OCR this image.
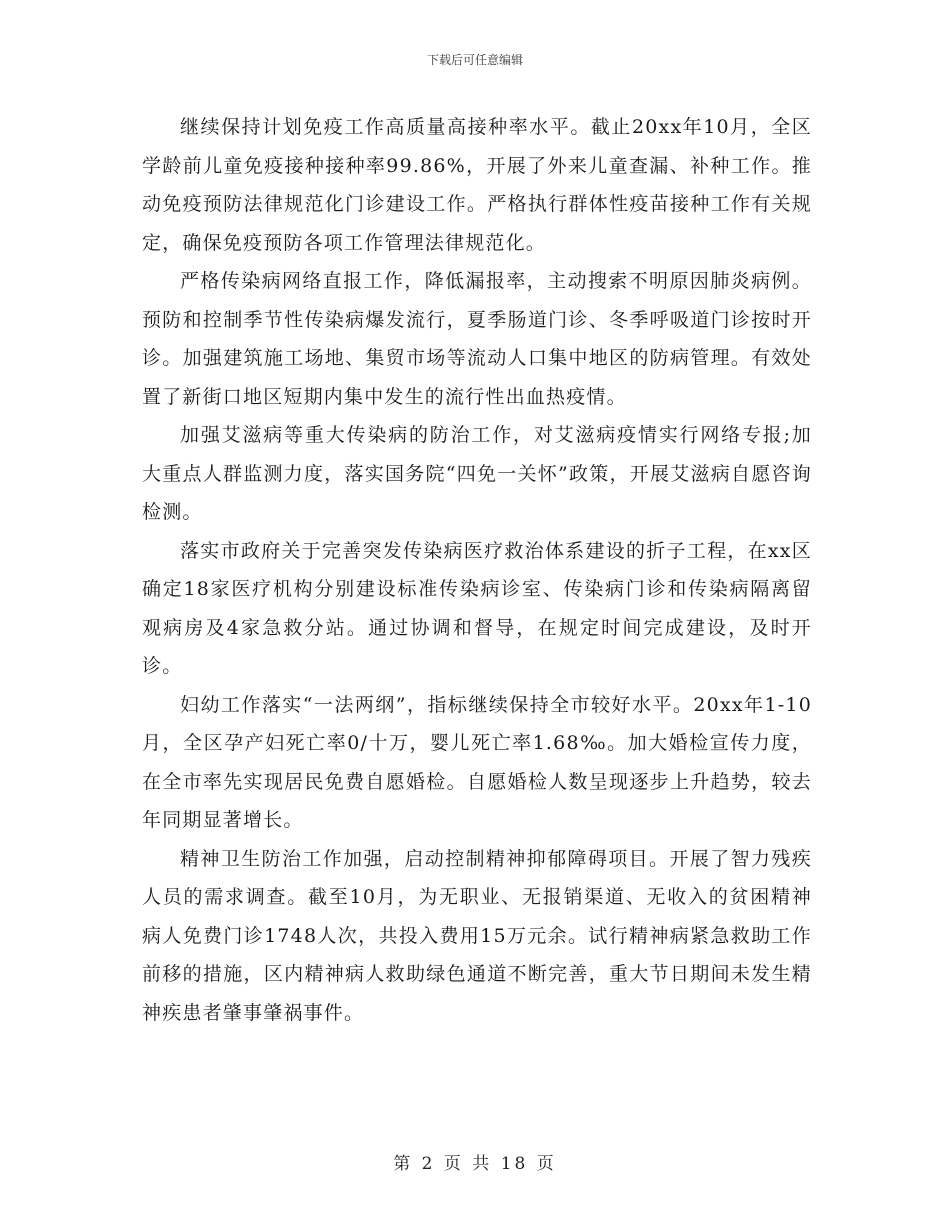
下载后可任意编辑

继续保持计划免疫工作高质量高接种率水平。截止20xx年10月，全区学龄前儿童免疫接种接种率99.86%，开展了外来儿童查漏、补种工作。推动免疫预防法律规范化门诊建设工作。严格执行群体性疫苗接种工作有关规定，确保免疫预防各项工作管理法律规范化。

严格传染病网络直报工作，降低漏报率，主动搜索不明原因肺炎病例。预防和控制季节性传染病爆发流行，夏季肠道门诊、冬季呼吸道门诊按时开诊。加强建筑施工场地、集贸市场等流动人口集中地区的防病管理。有效处置了新街口地区短期内集中发生的流行性出血热疫情。

加强艾滋病等重大传染病的防治工作，对艾滋病疫情实行网络专报;加大重点人群监测力度，落实国务院“四免一关怀”政策，开展艾滋病自愿咨询检测。

落实市政府关于完善突发传染病医疗救治体系建设的折子工程，在xx区确定18家医疗机构分别建设标准传染病诊室、传染病门诊和传染病隔离留观病房及4家急救分站。通过协调和督导，在规定时间完成建设，及时开诊。

妇幼工作落实“一法两纲”，指标继续保持全市较好水平。20xx年1-10月，全区孕产妇死亡率0/十万，婴儿死亡率1.68‰。加大婚检宣传力度，在全市率先实现居民免费自愿婚检。自愿婚检人数呈现逐步上升趋势，较去年同期显著增长。

精神卫生防治工作加强，启动控制精神抑郁障碍项目。开展了智力残疾人员的需求调查。截至10月，为无职业、无报销渠道、无收入的贫困精神病人免费门诊1748人次，共投入费用15万元余。试行精神病紧急救助工作前移的措施，区内精神病人救助绿色通道不断完善，重大节日期间未发生精神疾患者肇事肇祸事件。

第 2 页 共 18 页
